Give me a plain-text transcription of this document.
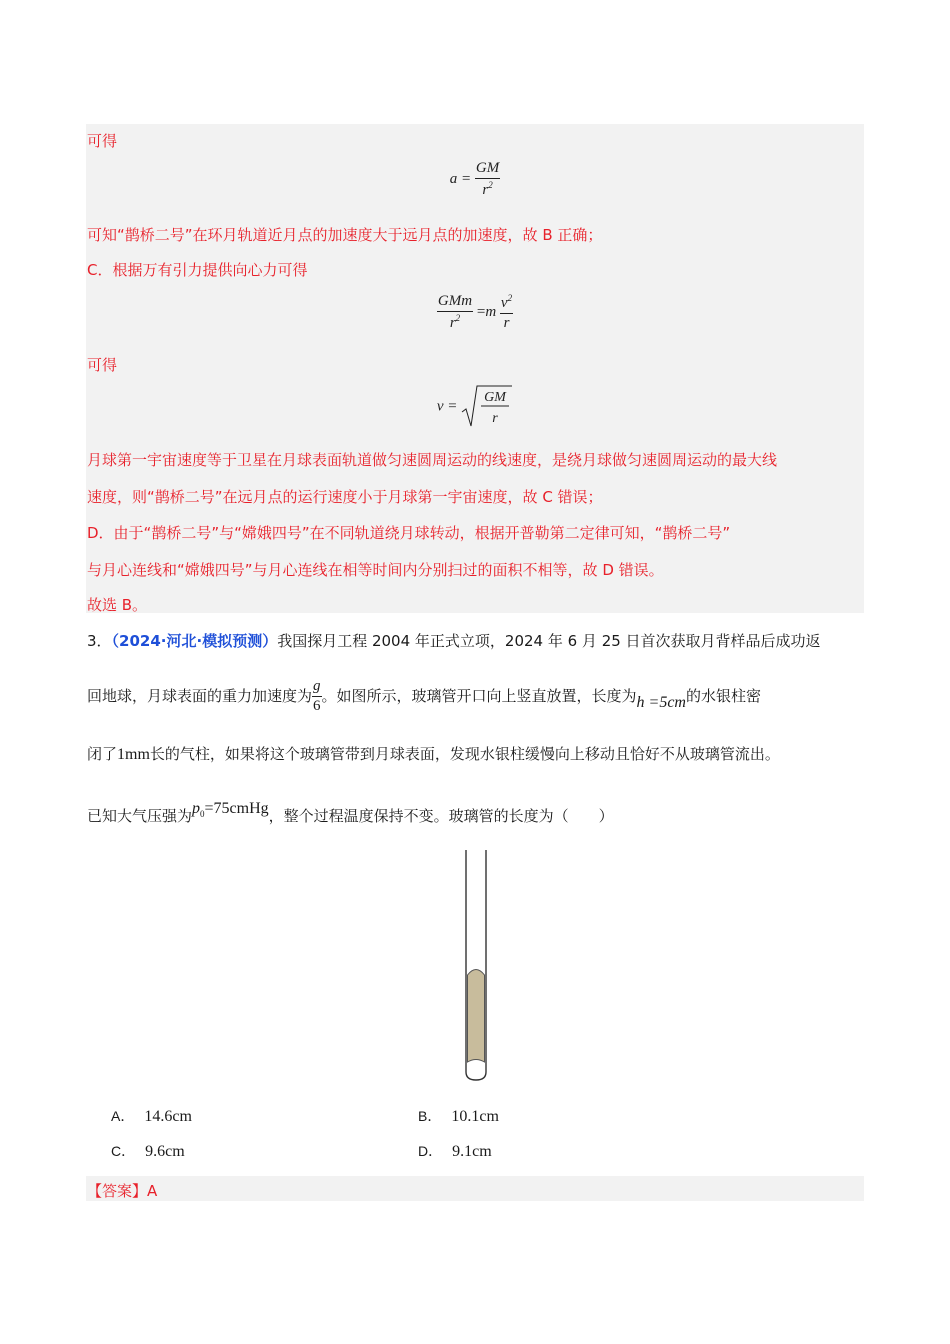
可得
$a = \frac{GM}{r^2}$
可知“鹊桥二号”在环月轨道近月点的加速度大于远月点的加速度，故 B 正确；
C．根据万有引力提供向心力可得
$\frac{\text{GMm}}{r^2} =m \frac{v^2}{r}$
可得
v =
GM
r
月球第一宇宙速度等于卫星在月球表面轨道做匀速圆周运动的线速度，是绕月球做匀速圆周运动的最大线
速度，则“鹊桥二号”在远月点的运行速度小于月球第一宇宙速度，故 C 错误；
D．由于“鹊桥二号”与“嫦娥四号”在不同轨道绕月球转动，根据开普勒第二定律可知，“鹊桥二号”
与月心连线和“嫦娥四号”与月心连线在相等时间内分别扫过的面积不相等，故 D 错误。
故选 B。
3．（2024·河北·模拟预测）我国探月工程 2004 年正式立项，2024 年 6 月 25 日首次获取月背样品后成功返
回地球，月球表面的重力加速度为 $\frac{g}{6}$ 。如图所示，玻璃管开口向上竖直放置，长度为h =5cm的水银柱密
闭了1mm长的气柱，如果将这个玻璃管带到月球表面，发现水银柱缓慢向上移动且恰好不从玻璃管流出。
已知大气压强为$p_0=75cmHg$，整个过程温度保持不变。玻璃管的长度为（　　）
A． 14.6cm	B． 10.1cm
C． 9.6cm	D． 9.1cm
【答案】A
